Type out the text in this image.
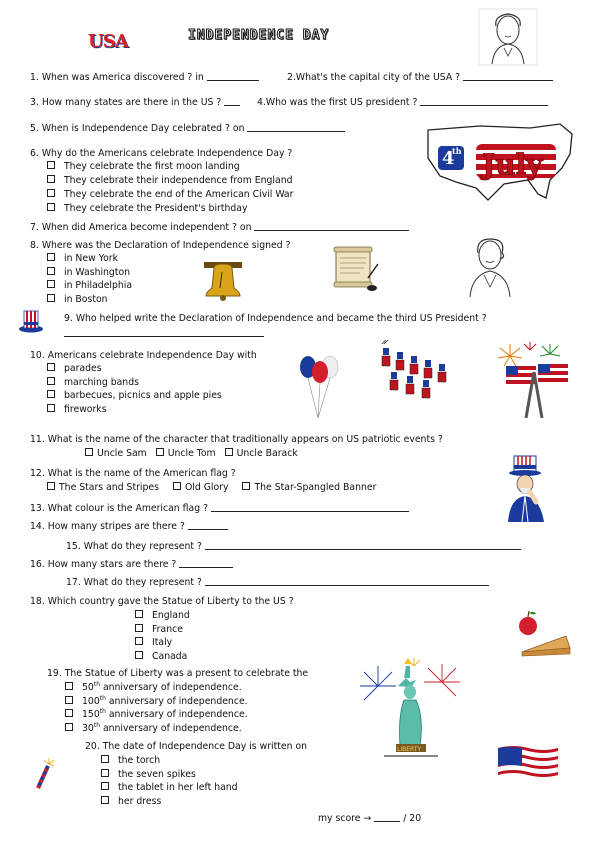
USA	INDEPENDENCE DAY
1. When was America discovered ? in	2.What's the capital city of the USA ?
3. How many states are there in the US ?	4.Who was the first US president ?
5. When is Independence Day celebrated ? on
4
th July
6. Why do the Americans celebrate Independence Day ?
They celebrate the first moon landing
They celebrate their independence from England
They celebrate the end of the American Civil War
They celebrate the President's birthday
7. When did America become independent ? on
8. Where was the Declaration of Independence signed ?
in New York
in Washington
in Philadelphia
in Boston
9. Who helped write the Declaration of Independence and became the third US President ?
10. Americans celebrate Independence Day with
parades
marching bands
barbecues, picnics and apple pies
fireworks
11. What is the name of the character that traditionally appears on US patriotic events ?
Uncle Sam Uncle Tom Uncle Barack
12. What is the name of the American flag ?
The Stars and Stripes	Old Glory	The Star-Spangled Banner
13. What colour is the American flag ?
14. How many stripes are there ?
15. What do they represent ?
16. How many stars are there ?
17. What do they represent ?
18. Which country gave the Statue of Liberty to the US ?
England
France
Italy
Canada
19. The Statue of Liberty was a present to celebrate the
50th anniversary of independence.
100th anniversary of independence.
150th anniversary of independence.
30th anniversary of independence.
LIBERTY
20. The date of Independence Day is written on
the torch
the seven spikes
the tablet in her left hand
her dress
my score →	/ 20
